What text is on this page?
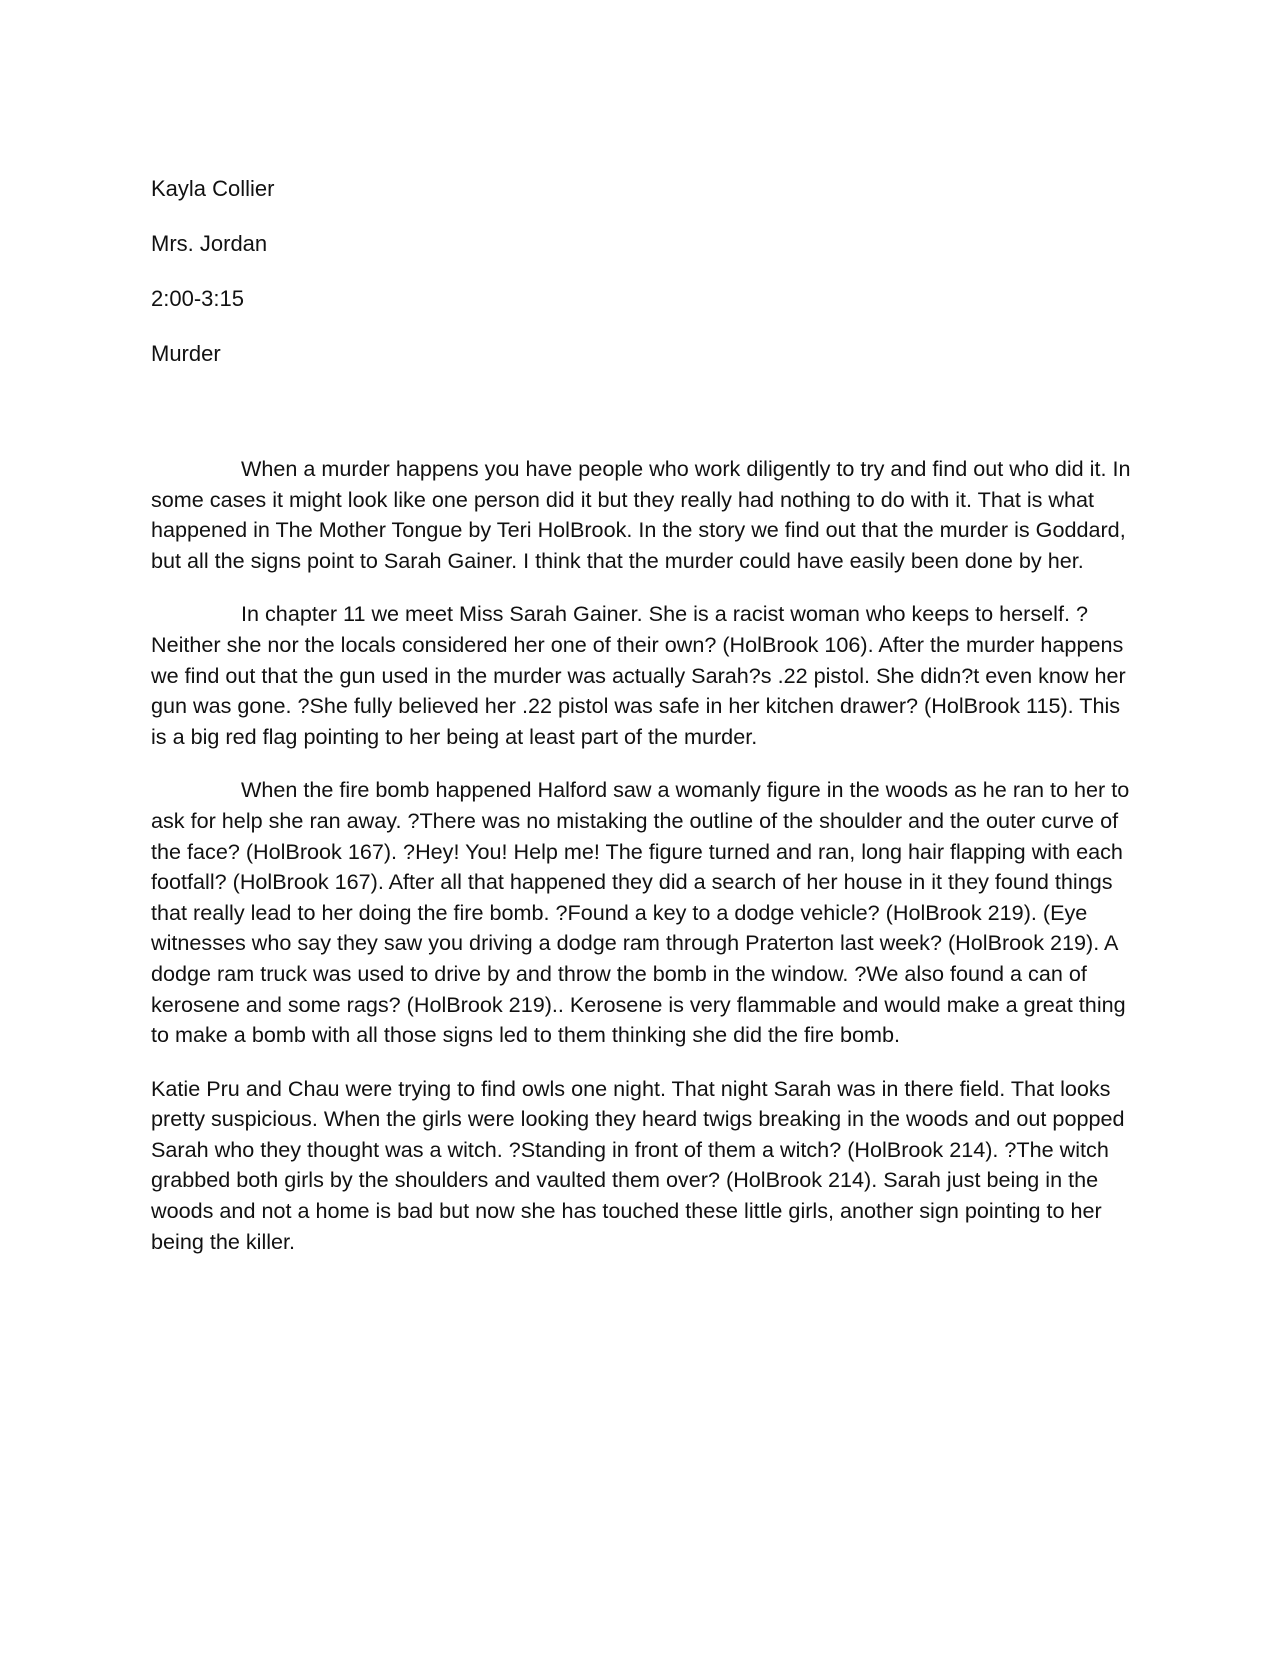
Kayla Collier
Mrs. Jordan
2:00-3:15
Murder

When a murder happens you have people who work diligently to try and find out who did it. In some cases it might look like one person did it but they really had nothing to do with it. That is what happened in The Mother Tongue by Teri HolBrook. In the story we find out that the murder is Goddard, but all the signs point to Sarah Gainer. I think that the murder could have easily been done by her.

In chapter 11 we meet Miss Sarah Gainer. She is a racist woman who keeps to herself. ?Neither she nor the locals considered her one of their own? (HolBrook 106). After the murder happens we find out that the gun used in the murder was actually Sarah?s .22 pistol. She didn?t even know her gun was gone. ?She fully believed her .22 pistol was safe in her kitchen drawer? (HolBrook 115). This is a big red flag pointing to her being at least part of the murder.

When the fire bomb happened Halford saw a womanly figure in the woods as he ran to her to ask for help she ran away. ?There was no mistaking the outline of the shoulder and the outer curve of the face? (HolBrook 167). ?Hey! You! Help me! The figure turned and ran, long hair flapping with each footfall? (HolBrook 167). After all that happened they did a search of her house in it they found things that really lead to her doing the fire bomb. ?Found a key to a dodge vehicle? (HolBrook 219). (Eye witnesses who say they saw you driving a dodge ram through Praterton last week? (HolBrook 219). A dodge ram truck was used to drive by and throw the bomb in the window. ?We also found a can of kerosene and some rags? (HolBrook 219).. Kerosene is very flammable and would make a great thing to make a bomb with all those signs led to them thinking she did the fire bomb.

Katie Pru and Chau were trying to find owls one night. That night Sarah was in there field. That looks pretty suspicious. When the girls were looking they heard twigs breaking in the woods and out popped Sarah who they thought was a witch. ?Standing in front of them a witch? (HolBrook 214). ?The witch grabbed both girls by the shoulders and vaulted them over? (HolBrook 214). Sarah just being in the woods and not a home is bad but now she has touched these little girls, another sign pointing to her being the killer.
